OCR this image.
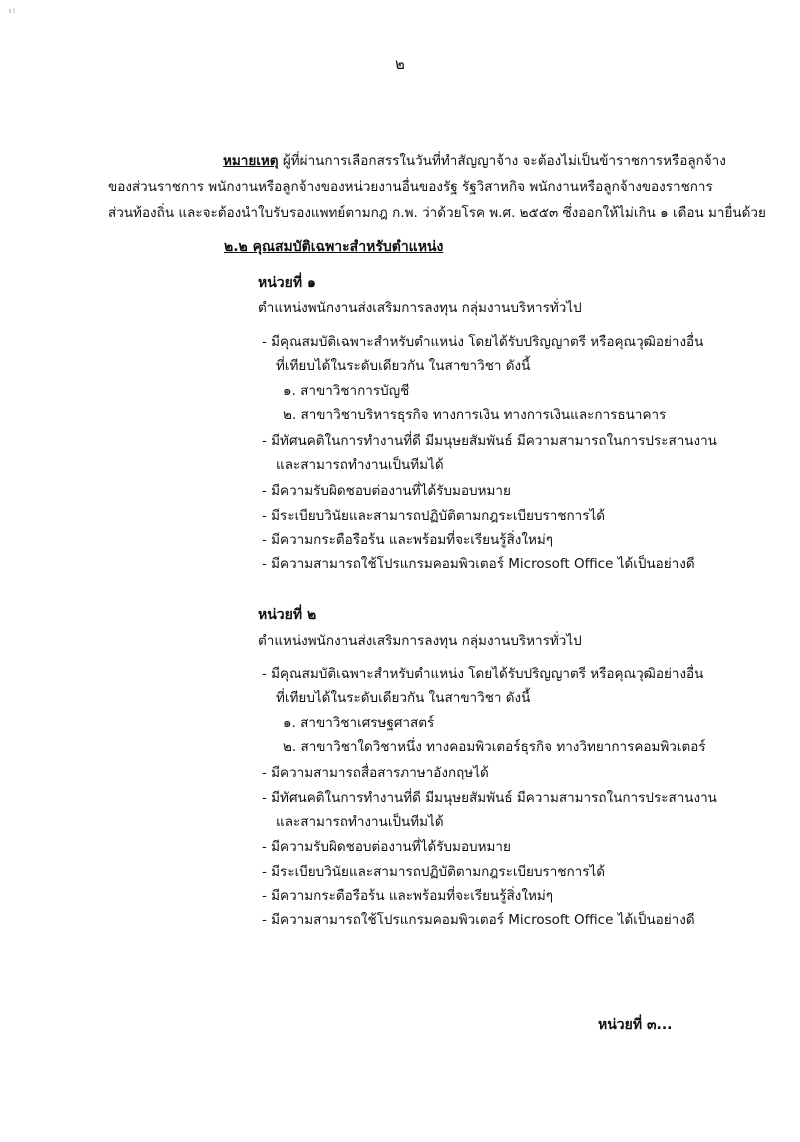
๒
หมายเหตุ ผู้ที่ผ่านการเลือกสรรในวันที่ทำสัญญาจ้าง จะต้องไม่เป็นข้าราชการหรือลูกจ้าง
ของส่วนราชการ พนักงานหรือลูกจ้างของหน่วยงานอื่นของรัฐ รัฐวิสาหกิจ พนักงานหรือลูกจ้างของราชการ
ส่วนท้องถิ่น และจะต้องนำใบรับรองแพทย์ตามกฎ ก.พ. ว่าด้วยโรค พ.ศ. ๒๕๕๓ ซึ่งออกให้ไม่เกิน ๑ เดือน มายื่นด้วย
๒.๒ คุณสมบัติเฉพาะสำหรับตำแหน่ง
หน่วยที่ ๑
ตำแหน่งพนักงานส่งเสริมการลงทุน กลุ่มงานบริหารทั่วไป
- มีคุณสมบัติเฉพาะสำหรับตำแหน่ง โดยได้รับปริญญาตรี หรือคุณวุฒิอย่างอื่น
ที่เทียบได้ในระดับเดียวกัน ในสาขาวิชา ดังนี้
๑. สาขาวิชาการบัญชี
๒. สาขาวิชาบริหารธุรกิจ ทางการเงิน ทางการเงินและการธนาคาร
- มีทัศนคติในการทำงานที่ดี มีมนุษยสัมพันธ์ มีความสามารถในการประสานงาน
และสามารถทำงานเป็นทีมได้
- มีความรับผิดชอบต่องานที่ได้รับมอบหมาย
- มีระเบียบวินัยและสามารถปฏิบัติตามกฎระเบียบราชการได้
- มีความกระตือรือร้น และพร้อมที่จะเรียนรู้สิ่งใหม่ๆ
- มีความสามารถใช้โปรแกรมคอมพิวเตอร์ Microsoft Office ได้เป็นอย่างดี
หน่วยที่ ๒
ตำแหน่งพนักงานส่งเสริมการลงทุน กลุ่มงานบริหารทั่วไป
- มีคุณสมบัติเฉพาะสำหรับตำแหน่ง โดยได้รับปริญญาตรี หรือคุณวุฒิอย่างอื่น
ที่เทียบได้ในระดับเดียวกัน ในสาขาวิชา ดังนี้
๑. สาขาวิชาเศรษฐศาสตร์
๒. สาขาวิชาใดวิชาหนึ่ง ทางคอมพิวเตอร์ธุรกิจ ทางวิทยาการคอมพิวเตอร์
- มีความสามารถสื่อสารภาษาอังกฤษได้
- มีทัศนคติในการทำงานที่ดี มีมนุษยสัมพันธ์ มีความสามารถในการประสานงาน
และสามารถทำงานเป็นทีมได้
- มีความรับผิดชอบต่องานที่ได้รับมอบหมาย
- มีระเบียบวินัยและสามารถปฏิบัติตามกฎระเบียบราชการได้
- มีความกระตือรือร้น และพร้อมที่จะเรียนรู้สิ่งใหม่ๆ
- มีความสามารถใช้โปรแกรมคอมพิวเตอร์ Microsoft Office ได้เป็นอย่างดี
หน่วยที่ ๓...
